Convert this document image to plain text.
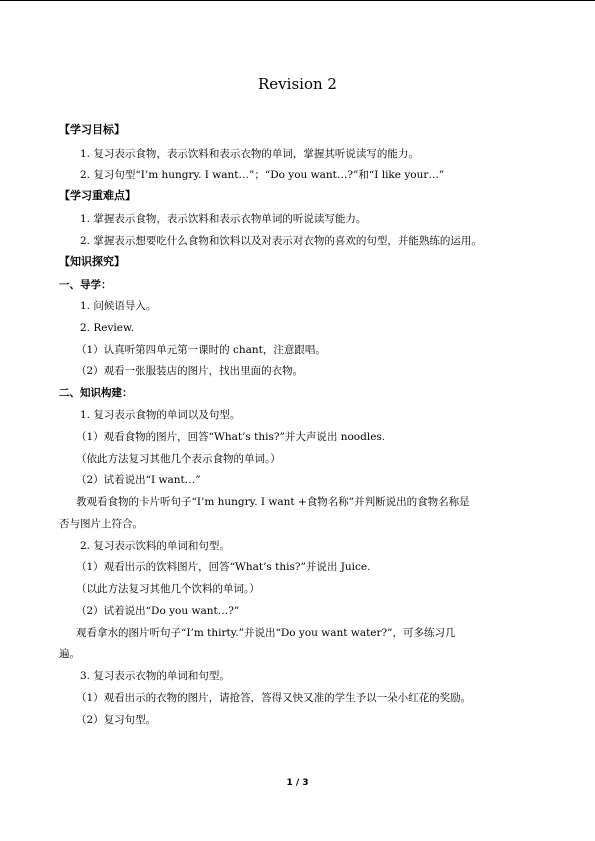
Revision 2
【学习目标】
1. 复习表示食物，表示饮料和表示衣物的单词，掌握其听说读写的能力。
2. 复习句型“I’m hungry. I want…”；“Do you want…?”和“I like your…”
【学习重难点】
1. 掌握表示食物，表示饮料和表示衣物单词的听说读写能力。
2. 掌握表示想要吃什么食物和饮料以及对表示对衣物的喜欢的句型，并能熟练的运用。
【知识探究】
一、导学：
1. 问候语导入。
2. Review.
（1）认真听第四单元第一课时的 chant，注意跟唱。
（2）观看一张服装店的图片，找出里面的衣物。
二、知识构建：
1. 复习表示食物的单词以及句型。
（1）观看食物的图片，回答“What’s this?”并大声说出 noodles.
（依此方法复习其他几个表示食物的单词。）
（2）试着说出“I want…”
教观看食物的卡片听句子“I’m hungry. I want +食物名称”并判断说出的食物名称是
否与图片上符合。
2. 复习表示饮料的单词和句型。
（1）观看出示的饮料图片，回答“What’s this?”并说出 Juice.
（以此方法复习其他几个饮料的单词。）
（2）试着说出“Do you want…?”
观看拿水的图片听句子“I’m thirty.”并说出“Do you want water?”，可多练习几
遍。
3. 复习表示衣物的单词和句型。
（1）观看出示的衣物的图片，请抢答，答得又快又准的学生予以一朵小红花的奖励。
（2）复习句型。
1 / 3
